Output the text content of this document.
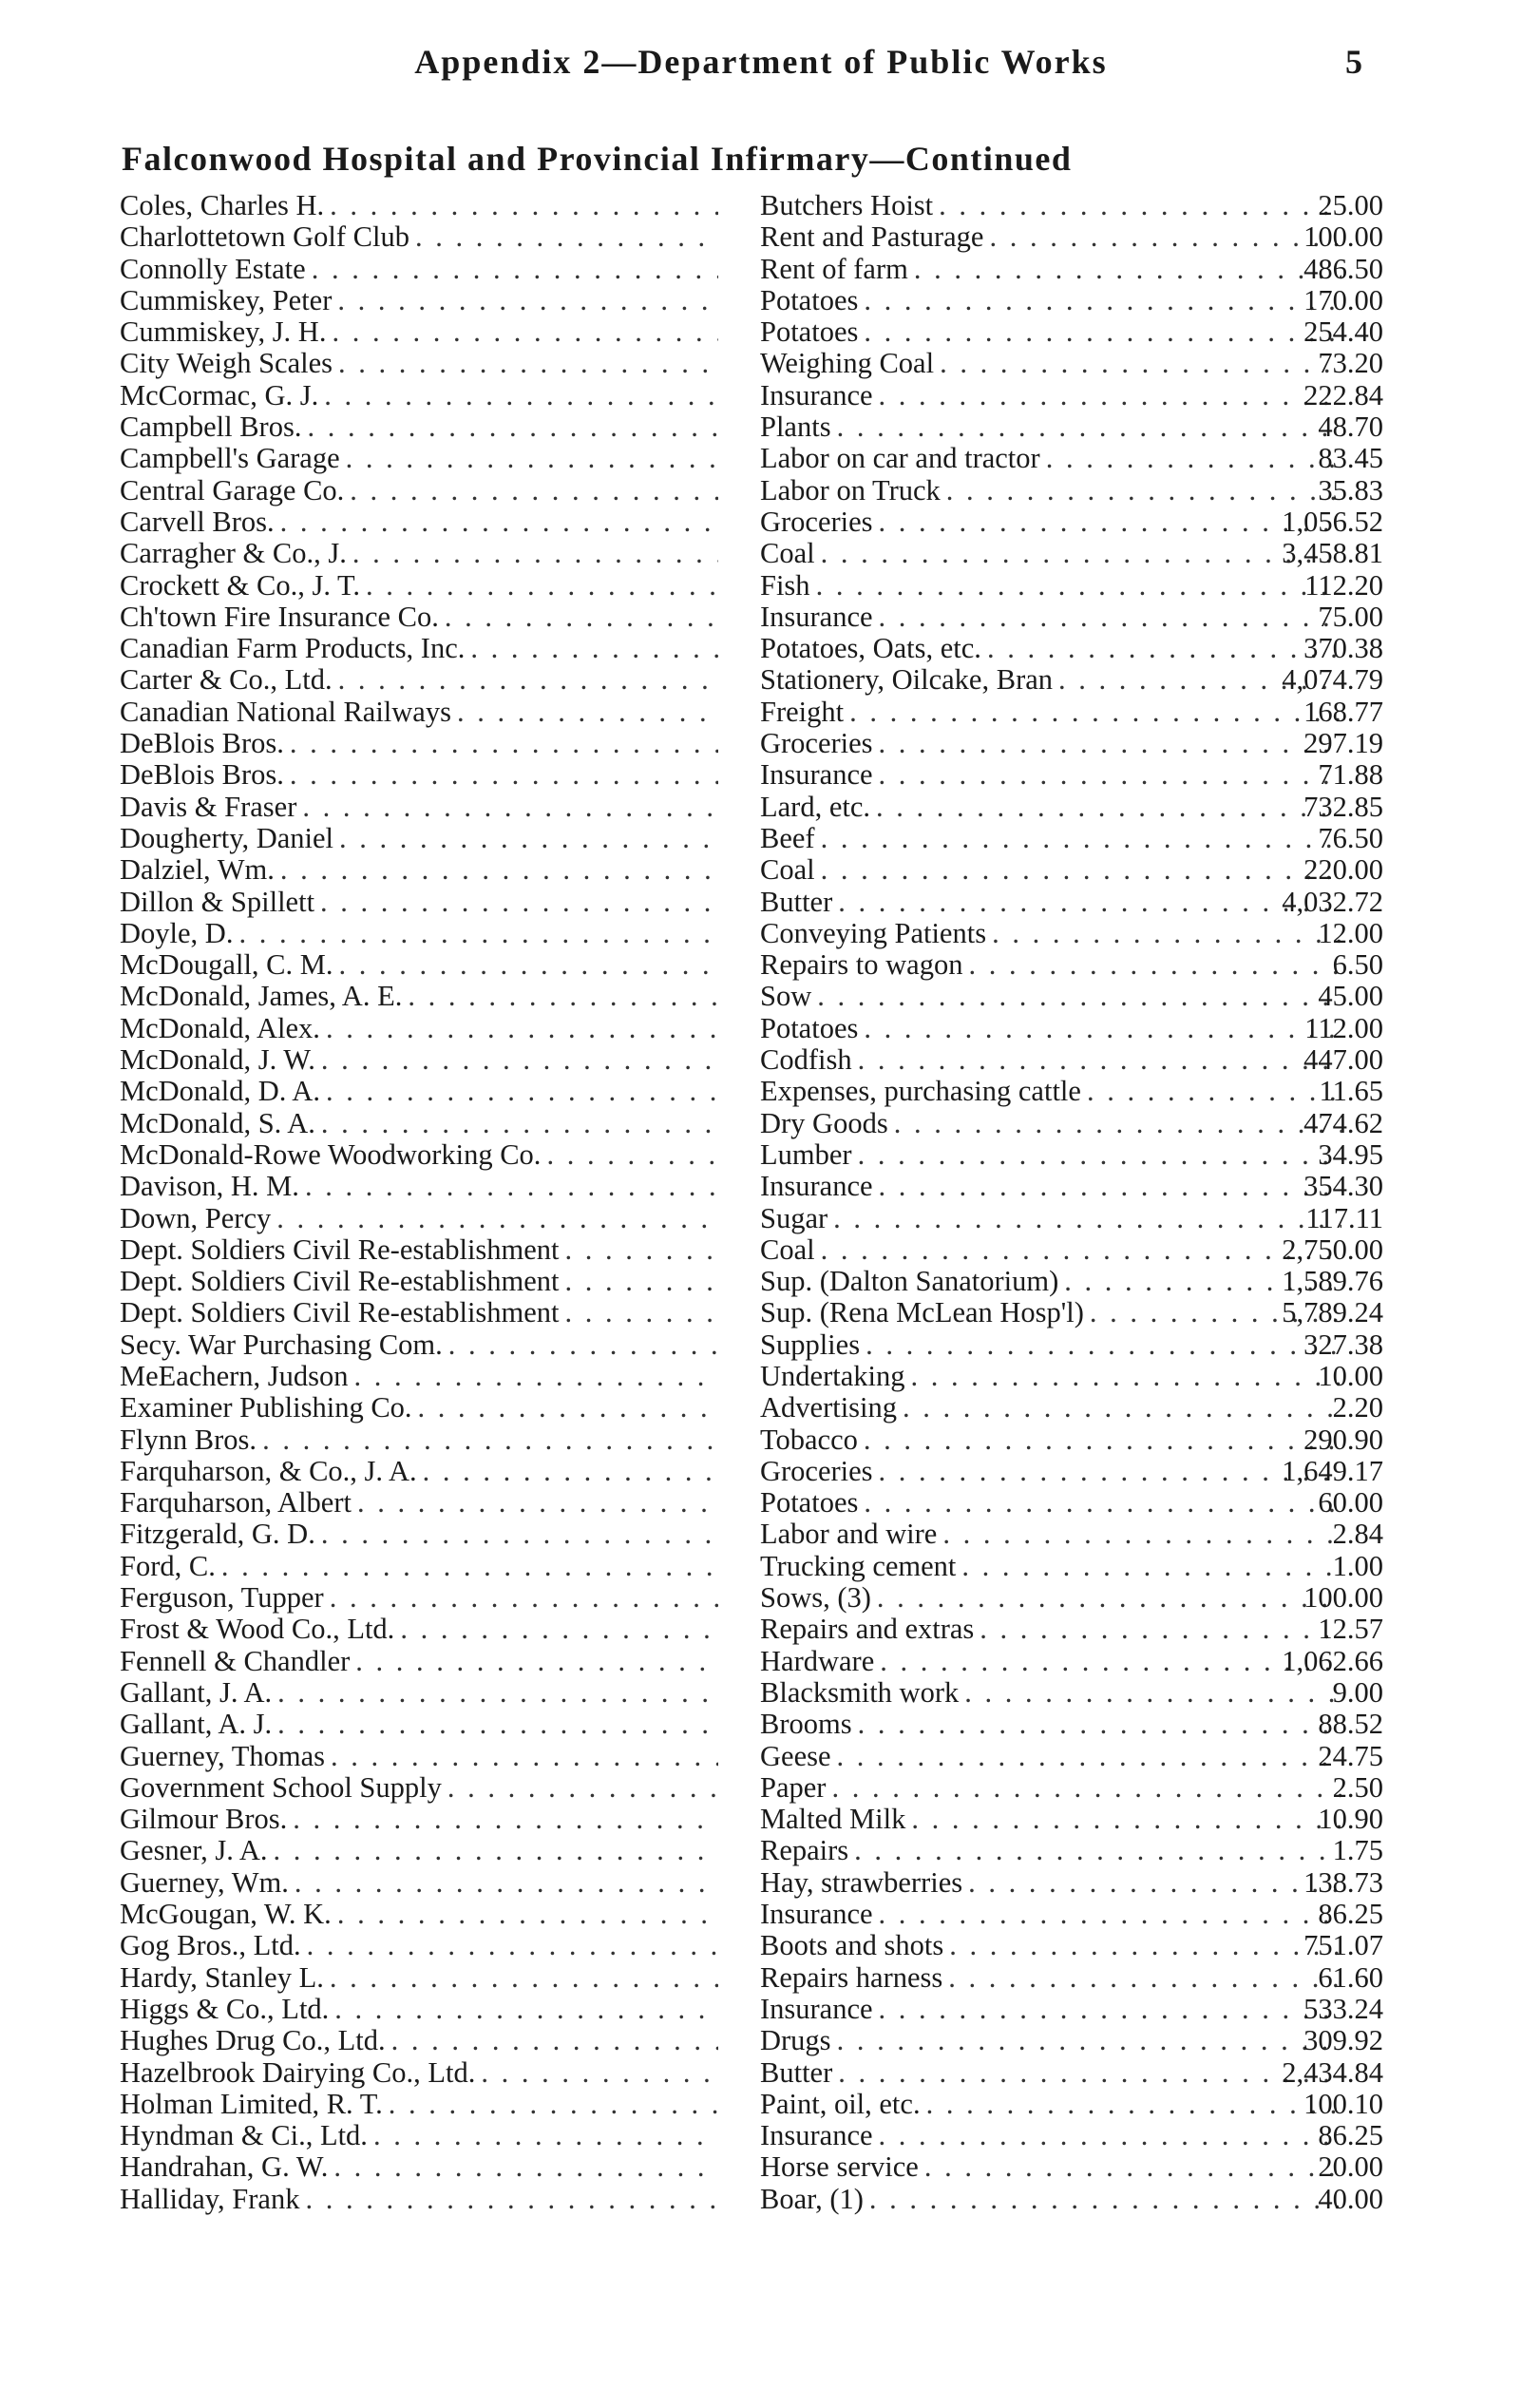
Appendix 2—Department of Public Works	5
Falconwood Hospital and Provincial Infirmary—Continued
Coles, Charles H. . . .	Butchers Hoist . . .	25.00
Charlottetown Golf Club . . .	Rent and Pasturage . . .	100.00
Connolly Estate . . .	Rent of farm . . .	486.50
Cummiskey, Peter . . .	Potatoes . . .	170.00
Cummiskey, J. H. . . .	Potatoes . . .	254.40
City Weigh Scales . . .	Weighing Coal . . .	73.20
McCormac, G. J. . . .	Insurance . . .	222.84
Campbell Bros. . . .	Plants . . .	48.70
Campbell's Garage . . .	Labor on car and tractor . . .	83.45
Central Garage Co. . . .	Labor on Truck . . .	35.83
Carvell Bros. . . .	Groceries . . .	1,056.52
Carragher & Co., J. . . .	Coal . . .	3,458.81
Crockett & Co., J. T. . . .	Fish . . .	112.20
Ch'town Fire Insurance Co. . . .	Insurance . . .	75.00
Canadian Farm Products, Inc. . . .	Potatoes, Oats, etc. . . .	370.38
Carter & Co., Ltd. . . .	Stationery, Oilcake, Bran . . .	4,074.79
Canadian National Railways . . .	Freight . . .	168.77
DeBlois Bros. . . .	Groceries . . .	297.19
DeBlois Bros. . . .	Insurance . . .	71.88
Davis & Fraser . . .	Lard, etc. . . .	732.85
Dougherty, Daniel . . .	Beef . . .	76.50
Dalziel, Wm. . . .	Coal . . .	220.00
Dillon & Spillett . . .	Butter . . .	4,032.72
Doyle, D. . . .	Conveying Patients . . .	12.00
McDougall, C. M. . . .	Repairs to wagon . . .	6.50
McDonald, James, A. E. . . .	Sow . . .	45.00
McDonald, Alex. . . .	Potatoes . . .	112.00
McDonald, J. W. . . .	Codfish . . .	447.00
McDonald, D. A. . . .	Expenses, purchasing cattle . . .	11.65
McDonald, S. A. . . .	Dry Goods . . .	474.62
McDonald-Rowe Woodworking Co. . . .	Lumber . . .	34.95
Davison, H. M. . . .	Insurance . . .	354.30
Down, Percy . . .	Sugar . . .	117.11
Dept. Soldiers Civil Re-establishment . . .	Coal . . .	2,750.00
Dept. Soldiers Civil Re-establishment . . .	Sup. (Dalton Sanatorium) . . .	1,589.76
Dept. Soldiers Civil Re-establishment . . .	Sup. (Rena McLean Hosp'l) . . .	5,789.24
Secy. War Purchasing Com. . . .	Supplies . . .	327.38
MeEachern, Judson . . .	Undertaking . . .	10.00
Examiner Publishing Co. . . .	Advertising . . .	2.20
Flynn Bros. . . .	Tobacco . . .	290.90
Farquharson, & Co., J. A. . . .	Groceries . . .	1,649.17
Farquharson, Albert . . .	Potatoes . . .	60.00
Fitzgerald, G. D. . . .	Labor and wire . . .	2.84
Ford, C. . . .	Trucking cement . . .	1.00
Ferguson, Tupper . . .	Sows, (3) . . .	100.00
Frost & Wood Co., Ltd. . . .	Repairs and extras . . .	12.57
Fennell & Chandler . . .	Hardware . . .	1,062.66
Gallant, J. A. . . .	Blacksmith work . . .	9.00
Gallant, A. J. . . .	Brooms . . .	88.52
Guerney, Thomas . . .	Geese . . .	24.75
Government School Supply . . .	Paper . . .	2.50
Gilmour Bros. . . .	Malted Milk . . .	10.90
Gesner, J. A. . . .	Repairs . . .	1.75
Guerney, Wm. . . .	Hay, strawberries . . .	138.73
McGougan, W. K. . . .	Insurance . . .	86.25
Gog Bros., Ltd. . . .	Boots and shots . . .	751.07
Hardy, Stanley L. . . .	Repairs harness . . .	61.60
Higgs & Co., Ltd. . . .	Insurance . . .	533.24
Hughes Drug Co., Ltd. . . .	Drugs . . .	309.92
Hazelbrook Dairying Co., Ltd. . . .	Butter . . .	2,434.84
Holman Limited, R. T. . . .	Paint, oil, etc. . . .	100.10
Hyndman & Ci., Ltd. . . .	Insurance . . .	86.25
Handrahan, G. W. . . .	Horse service . . .	20.00
Halliday, Frank . . .	Boar, (1) . . .	40.00
